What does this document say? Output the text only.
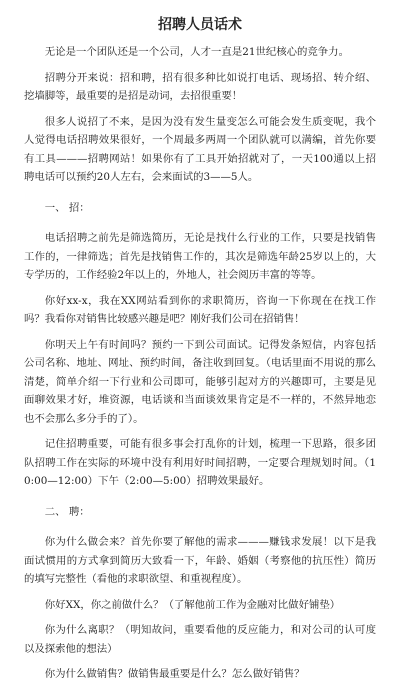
招聘人员话术

无论是一个团队还是一个公司，人才一直是21世纪核心的竞争力。

招聘分开来说：招和聘，招有很多种比如说打电话、现场招、转介绍、挖墙脚等，最重要的是招是动词，去招很重要！

很多人说招了不来，是因为没有发生量变怎么可能会发生质变呢，我个人觉得电话招聘效果很好，一个周最多两周一个团队就可以满编，首先你要有工具———招聘网站！如果你有了工具开始招就对了，一天100通以上招聘电话可以预约20人左右，会来面试的3——5人。

一、 招：

电话招聘之前先是筛选简历，无论是找什么行业的工作，只要是找销售工作的，一律筛选；首先是找销售工作的，其次是筛选年龄25岁以上的，大专学历的，工作经验2年以上的，外地人，社会阅历丰富的等等。

你好xx-x，我在XX网站看到你的求职简历，咨询一下你现在在找工作吗？我看你对销售比较感兴趣是吧？刚好我们公司在招销售！

你明天上午有时间吗？预约一下到公司面试。记得发条短信，内容包括公司名称、地址、网址、预约时间，备注收到回复。（电话里面不用说的那么清楚，简单介绍一下行业和公司即可，能够引起对方的兴趣即可，主要是见面聊效果才好，堆资源，电话谈和当面谈效果肯定是不一样的，不然异地恋也不会那么多分手的了）。

记住招聘重要，可能有很多事会打乱你的计划，梳理一下思路，很多团队招聘工作在实际的环境中没有利用好时间招聘，一定要合理规划时间。（10:00—12:00）下午（2:00—5:00）招聘效果最好。

二、 聘：

你为什么做会来？首先你要了解他的需求———赚钱求发展！以下是我面试惯用的方式拿到简历大致看一下，年龄、婚姻（考察他的抗压性）简历的填写完整性（看他的求职欲望、和重视程度）。

你好XX，你之前做什么？（了解他前工作为金融对比做好铺垫）

你为什么离职？（明知故问，重要看他的反应能力，和对公司的认可度以及探索他的想法）

你为什么做销售？做销售最重要是什么？怎么做好销售？
